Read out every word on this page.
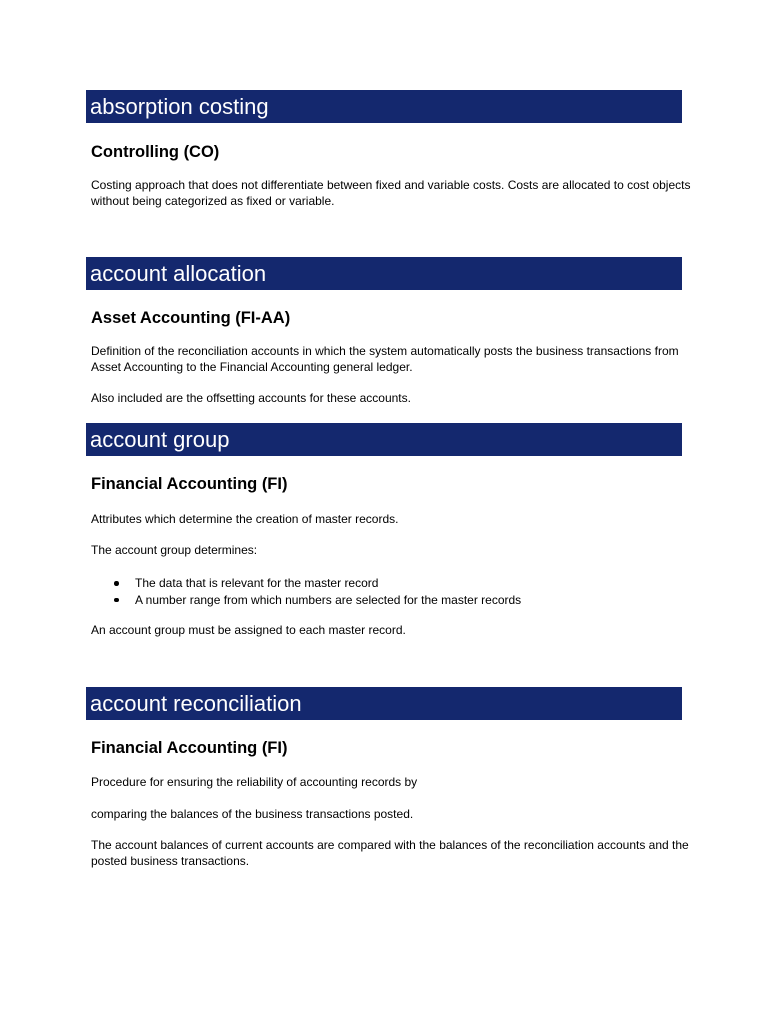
absorption costing
Controlling (CO)

Costing approach that does not differentiate between fixed and variable costs. Costs are allocated to cost objects without being categorized as fixed or variable.

account allocation
Asset Accounting (FI-AA)

Definition of the reconciliation accounts in which the system automatically posts the business transactions from Asset Accounting to the Financial Accounting general ledger.

Also included are the offsetting accounts for these accounts.

account group
Financial Accounting (FI)

Attributes which determine the creation of master records.

The account group determines:

The data that is relevant for the master record
A number range from which numbers are selected for the master records

An account group must be assigned to each master record.

account reconciliation
Financial Accounting (FI)

Procedure for ensuring the reliability of accounting records by

comparing the balances of the business transactions posted.

The account balances of current accounts are compared with the balances of the reconciliation accounts and the posted business transactions.
